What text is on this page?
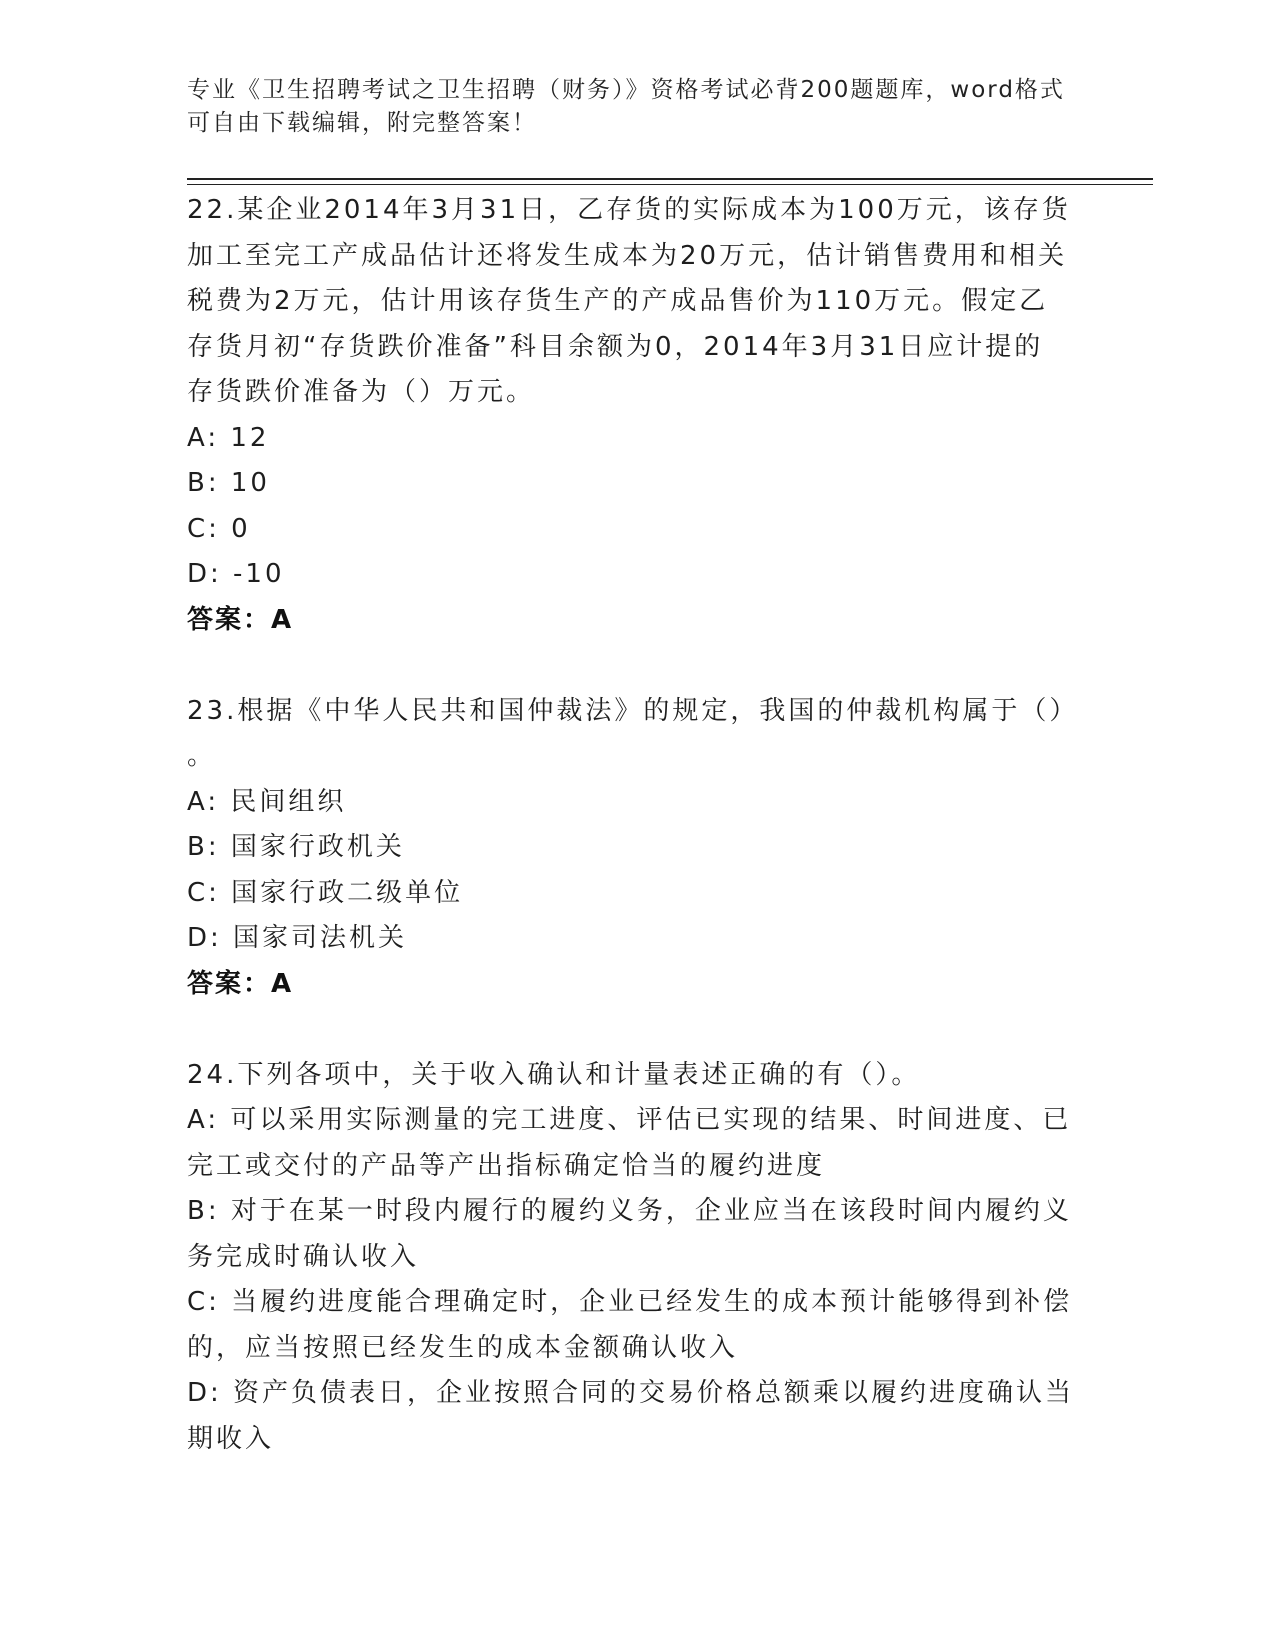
专业《卫生招聘考试之卫生招聘（财务）》资格考试必背200题题库，word格式
可自由下载编辑，附完整答案！
22.某企业2014年3月31日，乙存货的实际成本为100万元，该存货
加工至完工产成品估计还将发生成本为20万元，估计销售费用和相关
税费为2万元，估计用该存货生产的产成品售价为110万元。假定乙
存货月初“存货跌价准备”科目余额为0，2014年3月31日应计提的
存货跌价准备为（）万元。
A: 12
B: 10
C: 0
D: -10
答案：A
23.根据《中华人民共和国仲裁法》的规定，我国的仲裁机构属于（）
。
A: 民间组织
B: 国家行政机关
C: 国家行政二级单位
D: 国家司法机关
答案：A
24.下列各项中，关于收入确认和计量表述正确的有（）。
A: 可以采用实际测量的完工进度、评估已实现的结果、时间进度、已
完工或交付的产品等产出指标确定恰当的履约进度
B: 对于在某一时段内履行的履约义务，企业应当在该段时间内履约义
务完成时确认收入
C: 当履约进度能合理确定时，企业已经发生的成本预计能够得到补偿
的，应当按照已经发生的成本金额确认收入
D: 资产负债表日，企业按照合同的交易价格总额乘以履约进度确认当
期收入
